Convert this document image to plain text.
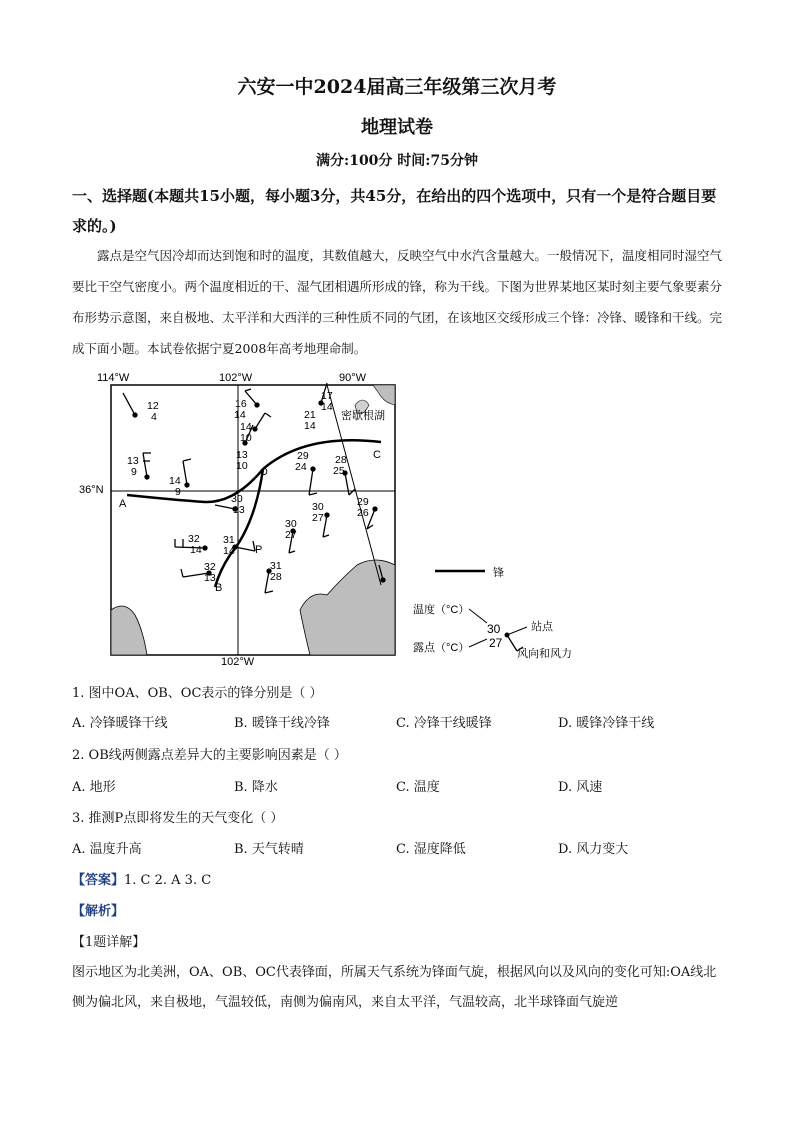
六安一中2024届高三年级第三次月考
地理试卷
满分:100分 时间:75分钟
一、选择题(本题共15小题，每小题3分，共45分，在给出的四个选项中，只有一个是符合题目要求的。)
露点是空气因冷却而达到饱和时的温度，其数值越大，反映空气中水汽含量越大。一般情况下，温度相同时湿空气要比干空气密度小。两个温度相近的干、湿气团相遇所形成的锋，称为干线。下图为世界某地区某时刻主要气象要素分布形势示意图，来自极地、太平洋和大西洋的三种性质不同的气团，在该地区交绥形成三个锋：冷锋、暖锋和干线。完成下面小题。本试卷依据宁夏2008年高考地理命制。
12
4
16
14
17
14
21
14
14
10
13
10
13
9
14
9
29
24
28
25
30
13
29
26
30
27
30
27
32
14
31
14
32
13
31
28
114°W	102°W	90°W
102°W
36°N
密歇根湖
A
B
C
O
P
锋
温度（°C）
露点（°C）
30
27
站点
风向和风力
1. 图中OA、OB、OC表示的锋分别是（ ）
A. 冷锋暖锋干线	B. 暖锋干线冷锋	C. 冷锋干线暖锋	D. 暖锋冷锋干线
2. OB线两侧露点差异大的主要影响因素是（ ）
A. 地形	B. 降水	C. 温度	D. 风速
3. 推测P点即将发生的天气变化（ ）
A. 温度升高	B. 天气转晴	C. 湿度降低	D. 风力变大
【答案】1. C 2. A 3. C
【解析】
【1题详解】
图示地区为北美洲，OA、OB、OC代表锋面，所属天气系统为锋面气旋，根据风向以及风向的变化可知:OA线北侧为偏北风，来自极地，气温较低，南侧为偏南风，来自太平洋，气温较高，北半球锋面气旋逆
